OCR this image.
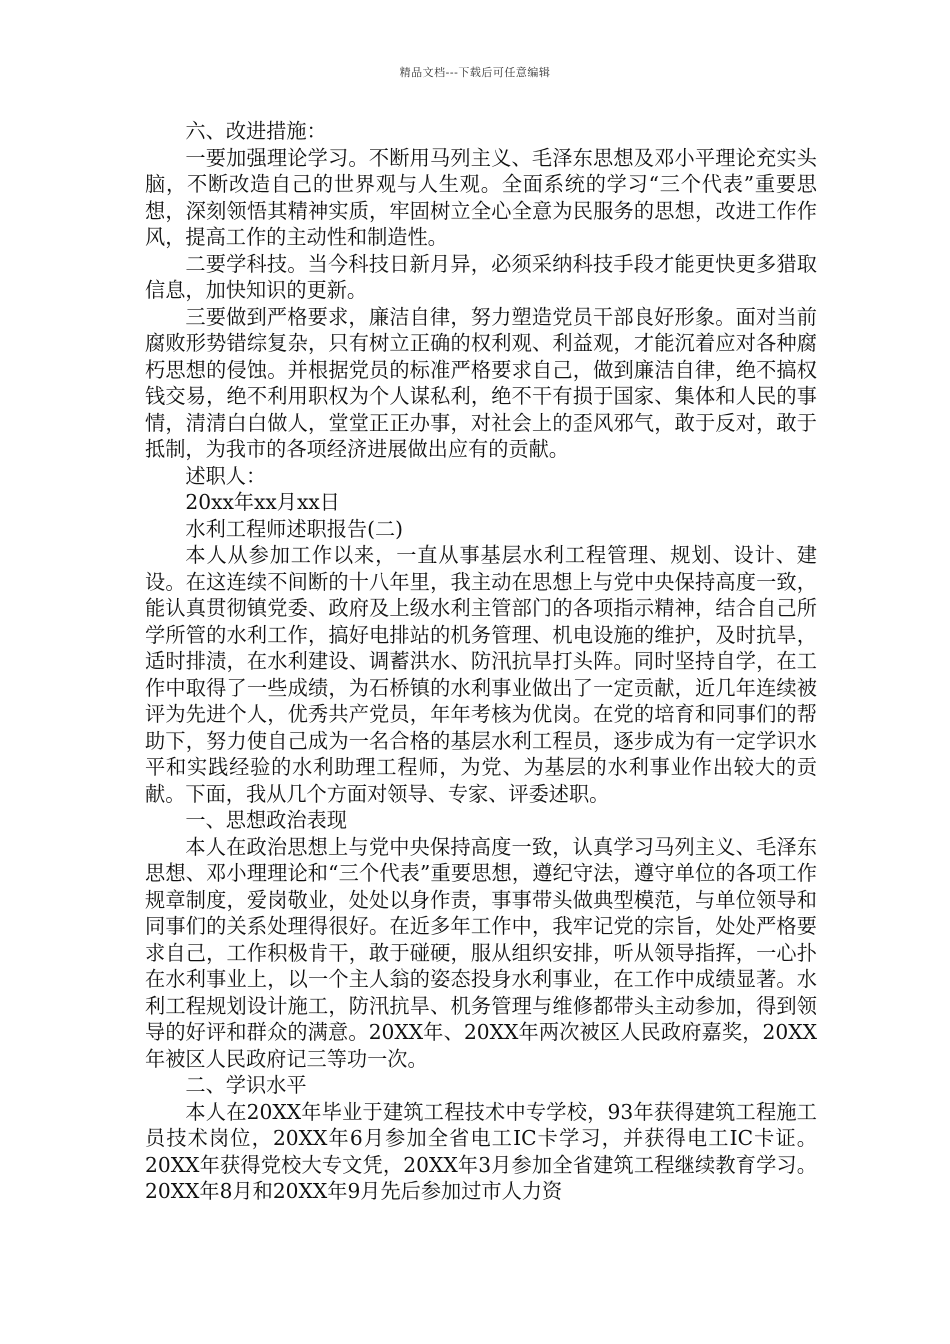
精品文档---下载后可任意编辑

六、改进措施：

一要加强理论学习。不断用马列主义、毛泽东思想及邓小平理论充实头脑，不断改造自己的世界观与人生观。全面系统的学习“三个代表”重要思想，深刻领悟其精神实质，牢固树立全心全意为民服务的思想，改进工作作风，提高工作的主动性和制造性。

二要学科技。当今科技日新月异，必须采纳科技手段才能更快更多猎取信息，加快知识的更新。

三要做到严格要求，廉洁自律，努力塑造党员干部良好形象。面对当前腐败形势错综复杂，只有树立正确的权利观、利益观，才能沉着应对各种腐朽思想的侵蚀。并根据党员的标准严格要求自己，做到廉洁自律，绝不搞权钱交易，绝不利用职权为个人谋私利，绝不干有损于国家、集体和人民的事情，清清白白做人，堂堂正正办事，对社会上的歪风邪气，敢于反对，敢于抵制，为我市的各项经济进展做出应有的贡献。

述职人：

20xx年xx月xx日

水利工程师述职报告(二)

本人从参加工作以来，一直从事基层水利工程管理、规划、设计、建设。在这连续不间断的十八年里，我主动在思想上与党中央保持高度一致，能认真贯彻镇党委、政府及上级水利主管部门的各项指示精神，结合自己所学所管的水利工作，搞好电排站的机务管理、机电设施的维护，及时抗旱，适时排渍，在水利建设、调蓄洪水、防汛抗旱打头阵。同时坚持自学，在工作中取得了一些成绩，为石桥镇的水利事业做出了一定贡献，近几年连续被评为先进个人，优秀共产党员，年年考核为优岗。在党的培育和同事们的帮助下，努力使自己成为一名合格的基层水利工程员，逐步成为有一定学识水平和实践经验的水利助理工程师，为党、为基层的水利事业作出较大的贡献。下面，我从几个方面对领导、专家、评委述职。

一、思想政治表现

本人在政治思想上与党中央保持高度一致，认真学习马列主义、毛泽东思想、邓小理理论和“三个代表”重要思想，遵纪守法，遵守单位的各项工作规章制度，爱岗敬业，处处以身作责，事事带头做典型模范，与单位领导和同事们的关系处理得很好。在近多年工作中，我牢记党的宗旨，处处严格要求自己，工作积极肯干，敢于碰硬，服从组织安排，听从领导指挥，一心扑在水利事业上，以一个主人翁的姿态投身水利事业，在工作中成绩显著。水利工程规划设计施工，防汛抗旱、机务管理与维修都带头主动参加，得到领导的好评和群众的满意。20XX年、20XX年两次被区人民政府嘉奖，20XX年被区人民政府记三等功一次。

二、学识水平

本人在20XX年毕业于建筑工程技术中专学校，93年获得建筑工程施工员技术岗位，20XX年6月参加全省电工IC卡学习，并获得电工IC卡证。20XX年获得党校大专文凭，20XX年3月参加全省建筑工程继续教育学习。20XX年8月和20XX年9月先后参加过市人力资
